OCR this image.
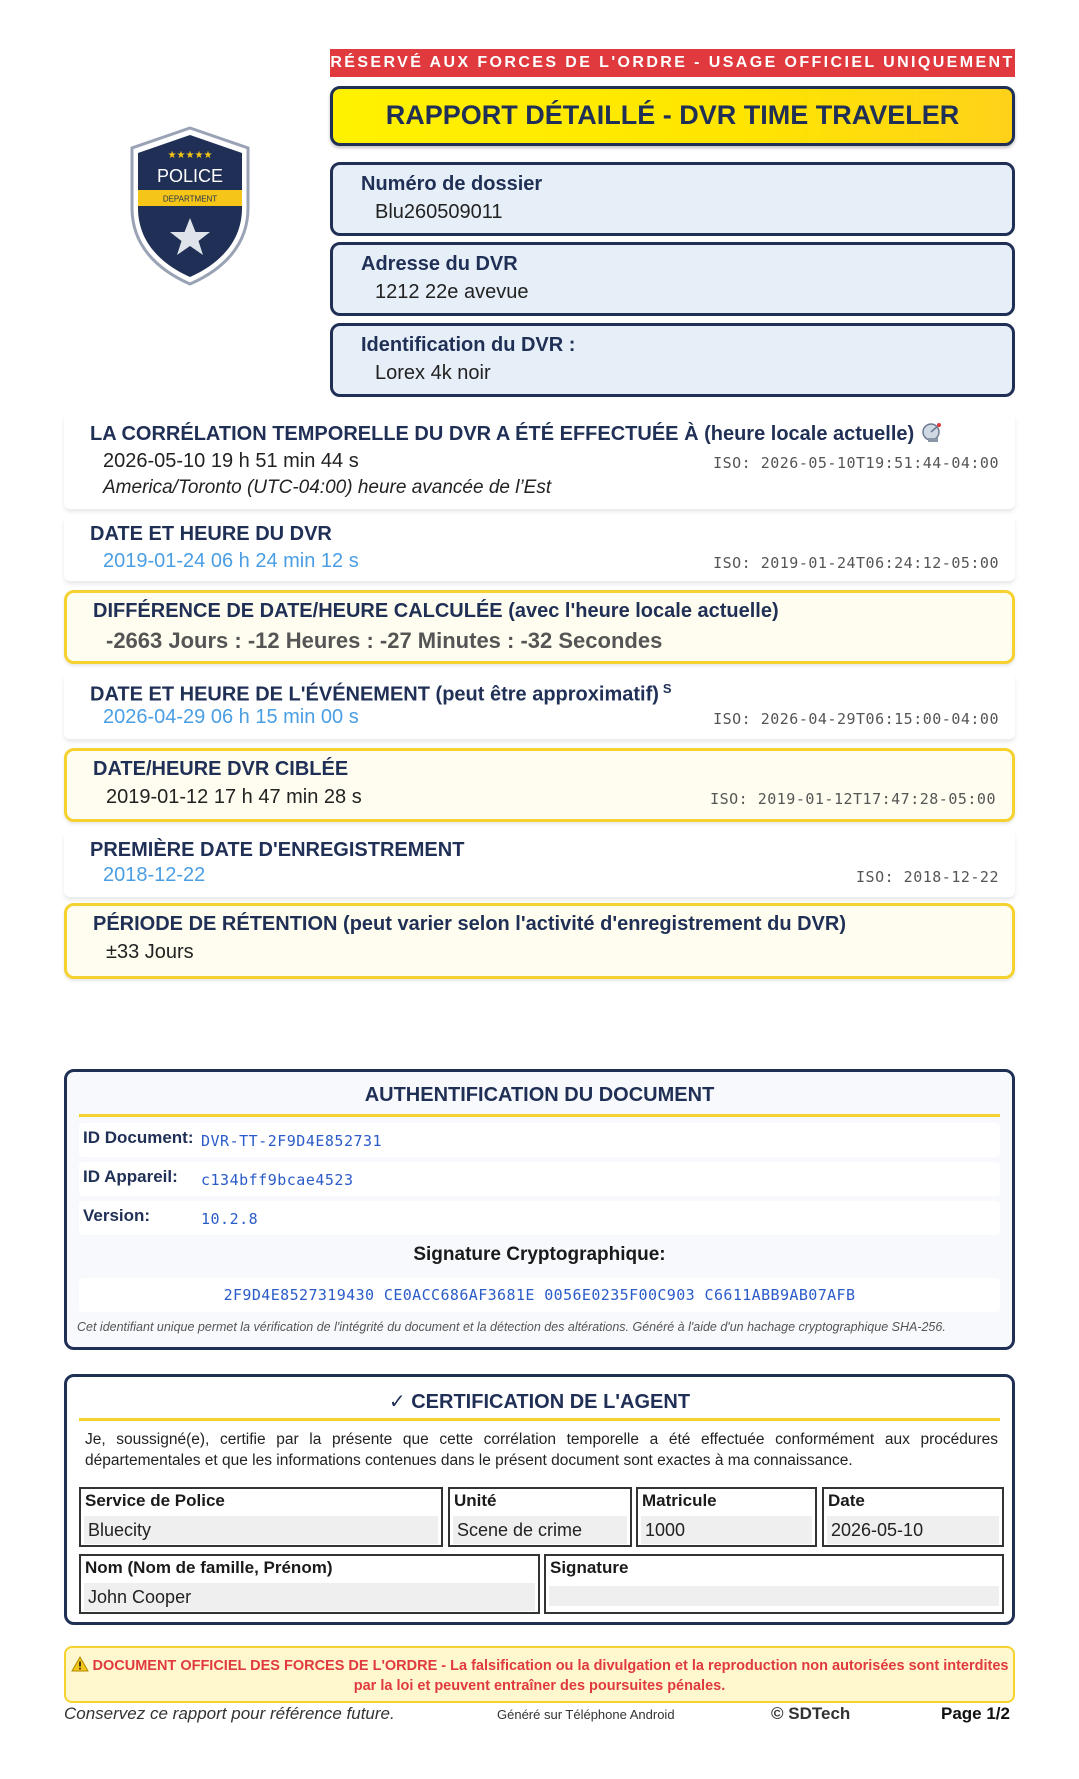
RÉSERVÉ AUX FORCES DE L'ORDRE - USAGE OFFICIEL UNIQUEMENT
RAPPORT DÉTAILLÉ - DVR TIME TRAVELER
★★★★★
POLICE
DEPARTMENT
Numéro de dossier
Blu260509011
Adresse du DVR
1212 22e avevue
Identification du DVR :
Lorex 4k noir
LA CORRÉLATION TEMPORELLE DU DVR A ÉTÉ EFFECTUÉE À (heure locale actuelle)
2026-05-10 19 h 51 min 44 s	ISO: 2026-05-10T19:51:44-04:00
America/Toronto (UTC-04:00) heure avancée de l’Est
DATE ET HEURE DU DVR
2019-01-24 06 h 24 min 12 s	ISO: 2019-01-24T06:24:12-05:00
DIFFÉRENCE DE DATE/HEURE CALCULÉE (avec l'heure locale actuelle)
-2663 Jours : -12 Heures : -27 Minutes : -32 Secondes
DATE ET HEURE DE L'ÉVÉNEMENT (peut être approximatif) $^S$
2026-04-29 06 h 15 min 00 s	ISO: 2026-04-29T06:15:00-04:00
DATE/HEURE DVR CIBLÉE
2019-01-12 17 h 47 min 28 s	ISO: 2019-01-12T17:47:28-05:00
PREMIÈRE DATE D'ENREGISTREMENT
2018-12-22	ISO: 2018-12-22
PÉRIODE DE RÉTENTION (peut varier selon l'activité d'enregistrement du DVR)
±33 Jours
AUTHENTIFICATION DU DOCUMENT
ID Document: DVR-TT-2F9D4E852731
ID Appareil: c134bff9bcae4523
Version:	10.2.8
Signature Cryptographique:
2F9D4E8527319430 CE0ACC686AF3681E 0056E0235F00C903 C6611ABB9AB07AFB
Cet identifiant unique permet la vérification de l'intégrité du document et la détection des altérations. Généré à l'aide d'un hachage cryptographique SHA-256.
✓ CERTIFICATION DE L'AGENT
Je, soussigné(e), certifie par la présente que cette corrélation temporelle a été effectuée conformément aux procédures départementales et que les informations contenues dans le présent document sont exactes à ma connaissance.
Service de Police
Bluecity
Unité
Scene de crime
Matricule
1000
Date
2026-05-10
Nom (Nom de famille, Prénom)
John Cooper
Signature
DOCUMENT OFFICIEL DES FORCES DE L'ORDRE - La falsification ou la divulgation et la reproduction non autorisées sont interdites par la loi et peuvent entraîner des poursuites pénales.
Conservez ce rapport pour référence future.	Généré sur Téléphone Android	© SDTech	Page 1/2
